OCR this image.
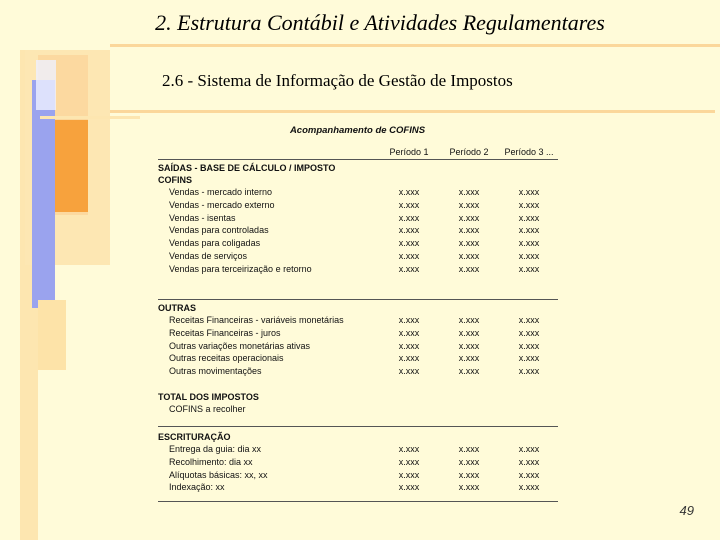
2. Estrutura Contábil e Atividades Regulamentares
2.6 - Sistema de Informação de Gestão de Impostos
Acompanhamento de COFINS
Período 1	Período 2	Período 3 ...
SAÍDAS - BASE DE CÁLCULO / IMPOSTO
COFINS
Vendas - mercado interno	x.xxx	x.xxx	x.xxx
Vendas - mercado externo	x.xxx	x.xxx	x.xxx
Vendas - isentas	x.xxx	x.xxx	x.xxx
Vendas para controladas	x.xxx	x.xxx	x.xxx
Vendas para coligadas	x.xxx	x.xxx	x.xxx
Vendas de serviços	x.xxx	x.xxx	x.xxx
Vendas para terceirização e retorno	x.xxx	x.xxx	x.xxx
OUTRAS
Receitas Financeiras - variáveis monetárias	x.xxx	x.xxx	x.xxx
Receitas Financeiras - juros	x.xxx	x.xxx	x.xxx
Outras variações monetárias ativas	x.xxx	x.xxx	x.xxx
Outras receitas operacionais	x.xxx	x.xxx	x.xxx
Outras movimentações	x.xxx	x.xxx	x.xxx
TOTAL DOS IMPOSTOS
COFINS a recolher
ESCRITURAÇÃO
Entrega da guia: dia xx	x.xxx	x.xxx	x.xxx
Recolhimento: dia xx	x.xxx	x.xxx	x.xxx
Alíquotas básicas: xx, xx	x.xxx	x.xxx	x.xxx
Indexação: xx	x.xxx	x.xxx	x.xxx
49
